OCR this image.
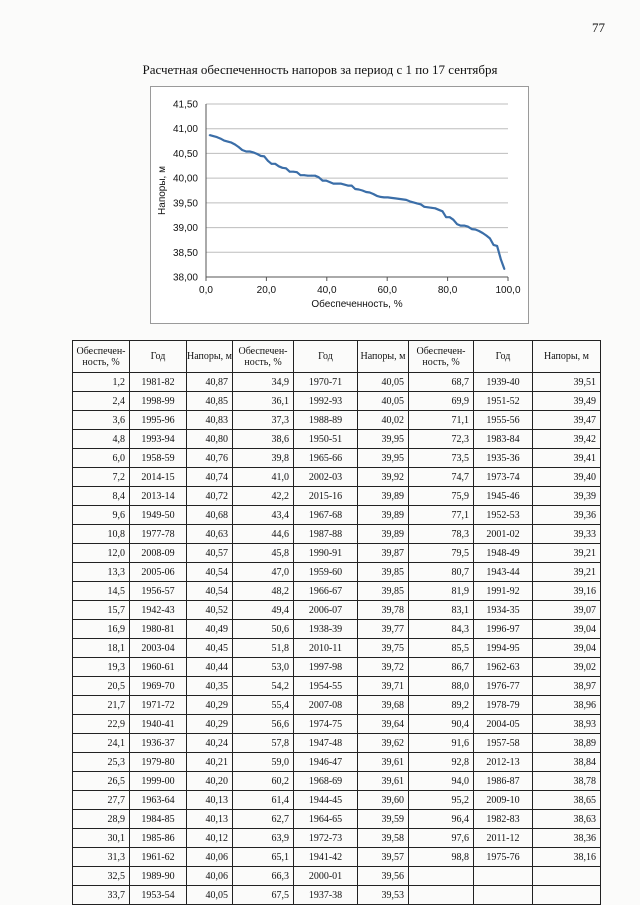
77
Расчетная обеспеченность напоров за период с 1 по 17 сентября
38,00
38,50
39,00
39,50
40,00
40,50
41,00
41,50
0,0	20,0	40,0	60,0	80,0	100,0
Обеспеченность, %
Напоры, м
Обеспечен-ность, %	Год	Напоры, м	Обеспечен-ность, %	Год	Напоры, м	Обеспечен-ность, %	Год	Напоры, м
1,2	1981-82	40,87	34,9	1970-71	40,05	68,7	1939-40	39,51
2,4	1998-99	40,85	36,1	1992-93	40,05	69,9	1951-52	39,49
3,6	1995-96	40,83	37,3	1988-89	40,02	71,1	1955-56	39,47
4,8	1993-94	40,80	38,6	1950-51	39,95	72,3	1983-84	39,42
6,0	1958-59	40,76	39,8	1965-66	39,95	73,5	1935-36	39,41
7,2	2014-15	40,74	41,0	2002-03	39,92	74,7	1973-74	39,40
8,4	2013-14	40,72	42,2	2015-16	39,89	75,9	1945-46	39,39
9,6	1949-50	40,68	43,4	1967-68	39,89	77,1	1952-53	39,36
10,8	1977-78	40,63	44,6	1987-88	39,89	78,3	2001-02	39,33
12,0	2008-09	40,57	45,8	1990-91	39,87	79,5	1948-49	39,21
13,3	2005-06	40,54	47,0	1959-60	39,85	80,7	1943-44	39,21
14,5	1956-57	40,54	48,2	1966-67	39,85	81,9	1991-92	39,16
15,7	1942-43	40,52	49,4	2006-07	39,78	83,1	1934-35	39,07
16,9	1980-81	40,49	50,6	1938-39	39,77	84,3	1996-97	39,04
18,1	2003-04	40,45	51,8	2010-11	39,75	85,5	1994-95	39,04
19,3	1960-61	40,44	53,0	1997-98	39,72	86,7	1962-63	39,02
20,5	1969-70	40,35	54,2	1954-55	39,71	88,0	1976-77	38,97
21,7	1971-72	40,29	55,4	2007-08	39,68	89,2	1978-79	38,96
22,9	1940-41	40,29	56,6	1974-75	39,64	90,4	2004-05	38,93
24,1	1936-37	40,24	57,8	1947-48	39,62	91,6	1957-58	38,89
25,3	1979-80	40,21	59,0	1946-47	39,61	92,8	2012-13	38,84
26,5	1999-00	40,20	60,2	1968-69	39,61	94,0	1986-87	38,78
27,7	1963-64	40,13	61,4	1944-45	39,60	95,2	2009-10	38,65
28,9	1984-85	40,13	62,7	1964-65	39,59	96,4	1982-83	38,63
30,1	1985-86	40,12	63,9	1972-73	39,58	97,6	2011-12	38,36
31,3	1961-62	40,06	65,1	1941-42	39,57	98,8	1975-76	38,16
32,5	1989-90	40,06	66,3	2000-01	39,56			
33,7	1953-54	40,05	67,5	1937-38	39,53			
